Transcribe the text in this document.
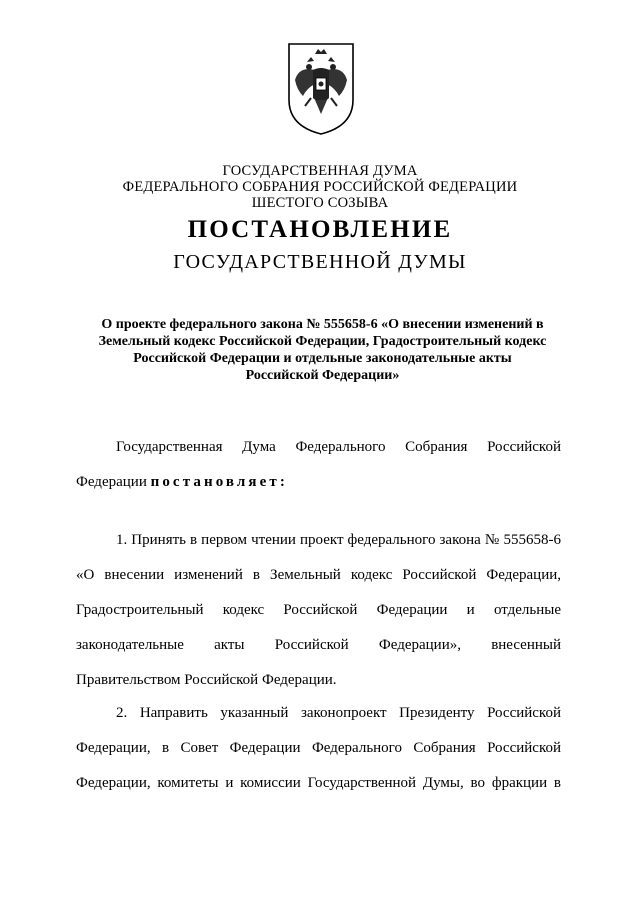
ГОСУДАРСТВЕННАЯ ДУМА
ФЕДЕРАЛЬНОГО СОБРАНИЯ РОССИЙСКОЙ ФЕДЕРАЦИИ
ШЕСТОГО СОЗЫВА
ПОСТАНОВЛЕНИЕ
ГОСУДАРСТВЕННОЙ ДУМЫ
О проекте федерального закона № 555658-6 «О внесении изменений в
Земельный кодекс Российской Федерации, Градостроительный кодекс
Российской Федерации и отдельные законодательные акты
Российской Федерации»
Государственная Дума Федерального Собрания Российской
Федерации постановляет:
1. Принять в первом чтении проект федерального закона № 555658-6
«О внесении изменений в Земельный кодекс Российской Федерации,
Градостроительный кодекс Российской Федерации и отдельные
законодательные акты Российской Федерации», внесенный
Правительством Российской Федерации.
2. Направить указанный законопроект Президенту Российской
Федерации, в Совет Федерации Федерального Собрания Российской
Федерации, комитеты и комиссии Государственной Думы, во фракции в
